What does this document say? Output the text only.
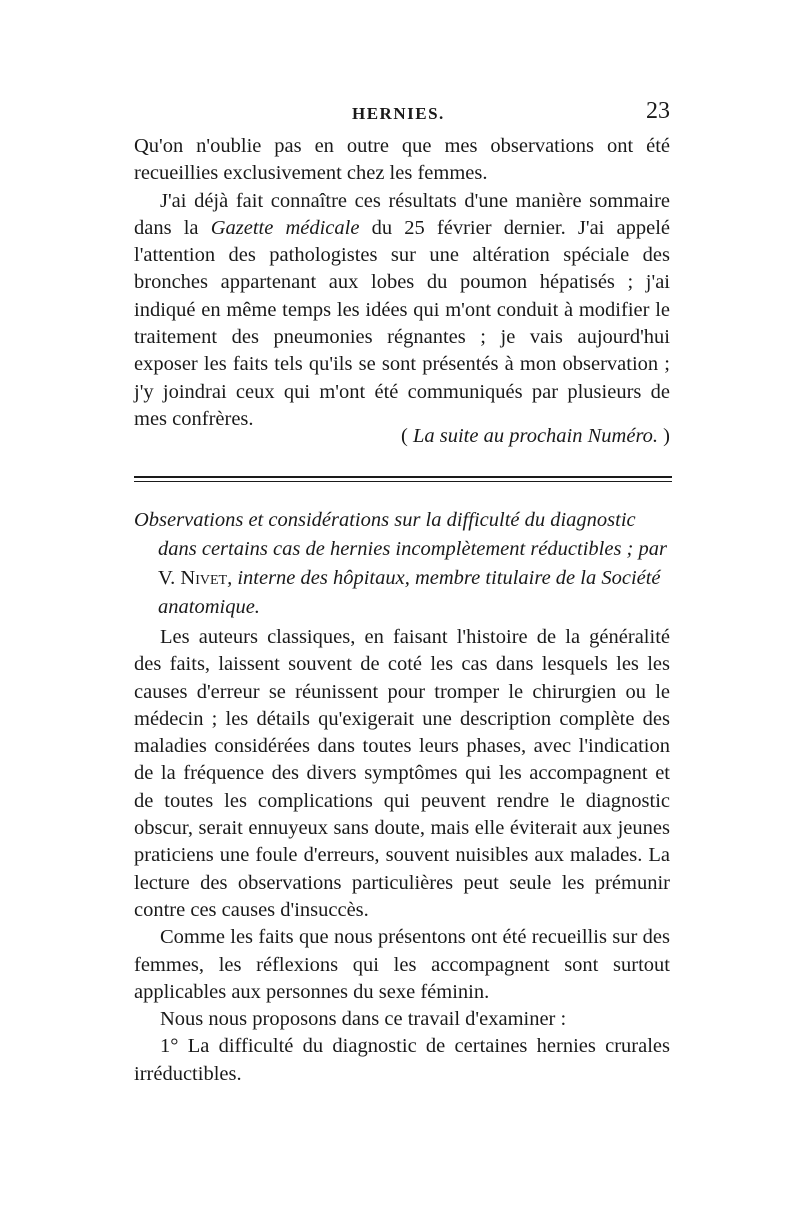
HERNIES.	23

Qu'on n'oublie pas en outre que mes observations ont été recueillies exclusivement chez les femmes.

J'ai déjà fait connaître ces résultats d'une manière sommaire dans la Gazette médicale du 25 février dernier. J'ai appelé l'attention des pathologistes sur une altération spéciale des bronches appartenant aux lobes du poumon hépatisés ; j'ai indiqué en même temps les idées qui m'ont conduit à modifier le traitement des pneumonies régnantes ; je vais aujourd'hui exposer les faits tels qu'ils se sont présentés à mon observation ; j'y joindrai ceux qui m'ont été communiqués par plusieurs de mes confrères.

( La suite au prochain Numéro. )
Observations et considérations sur la difficulté du diagnostic dans certains cas de hernies incomplètement réductibles ; par V. Nivet, interne des hôpitaux, membre titulaire de la Société anatomique.

Les auteurs classiques, en faisant l'histoire de la généralité des faits, laissent souvent de coté les cas dans lesquels les les causes d'erreur se réunissent pour tromper le chirurgien ou le médecin ; les détails qu'exigerait une description complète des maladies considérées dans toutes leurs phases, avec l'indication de la fréquence des divers symptômes qui les accompagnent et de toutes les complications qui peuvent rendre le diagnostic obscur, serait ennuyeux sans doute, mais elle éviterait aux jeunes praticiens une foule d'erreurs, souvent nuisibles aux malades. La lecture des observations particulières peut seule les prémunir contre ces causes d'insuccès.

Comme les faits que nous présentons ont été recueillis sur des femmes, les réflexions qui les accompagnent sont surtout applicables aux personnes du sexe féminin.

Nous nous proposons dans ce travail d'examiner :

1° La difficulté du diagnostic de certaines hernies crurales irréductibles.
